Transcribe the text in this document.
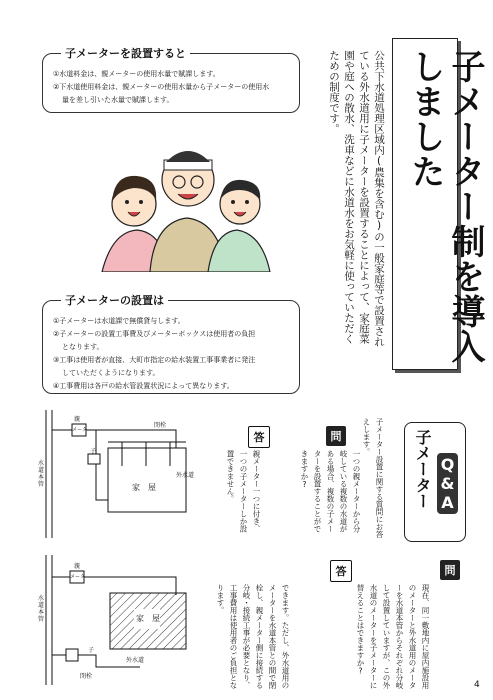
子メーター制を導入しました
公共下水道処理区域内(農集を含む)の一般家庭等で設置されている外水道用に子メーターを設置することによって、家庭菜園や庭への散水、洗車などに水道水をお気軽に使っていただくための制度です。
子メーターを設置すると
①水道料金は、親メーターの使用水量で賦課します。
②下水道使用料金は、親メーターの使用水量から子メーターの使用水
量を差し引いた水量で賦課します。
子メーターの設置は
①子メーターは水道課で無償貸与します。
②子メーターの設置工事費及びメーターボックスは使用者の負担
となります。
③工事は使用者が直接、大町市指定の給水装置工事事業者に発注
していただくようになります。
④工事費用は各戸の給水管設置状況によって異なります。
水道本管
親
メータ
子
閉栓
外水道
家　屋
水道本管
親
メータ
子
閉栓
外水道
家　屋
子メーター Q&A
子メーター設置に関する質問にお答えします。
問
一つの親メーターから分岐している複数の水道がある場合、複数の子メーターを設置することができますか?
答
親メーター一つに付き、一つの子メーターしか設置できません。
問
現在、同一敷地内に屋内施設用のメーターと外水道用のメーターを水道本管からそれぞれ分岐して設置していますが、この外水道のメーターを子メーターに替えることはできますか?
答
できます。ただし、外水道用のメーターを水道本管との間で閉栓し、親メーター側に接続する分岐・接続工事が必要となり、工事費用は使用者のご負担となります。
4
